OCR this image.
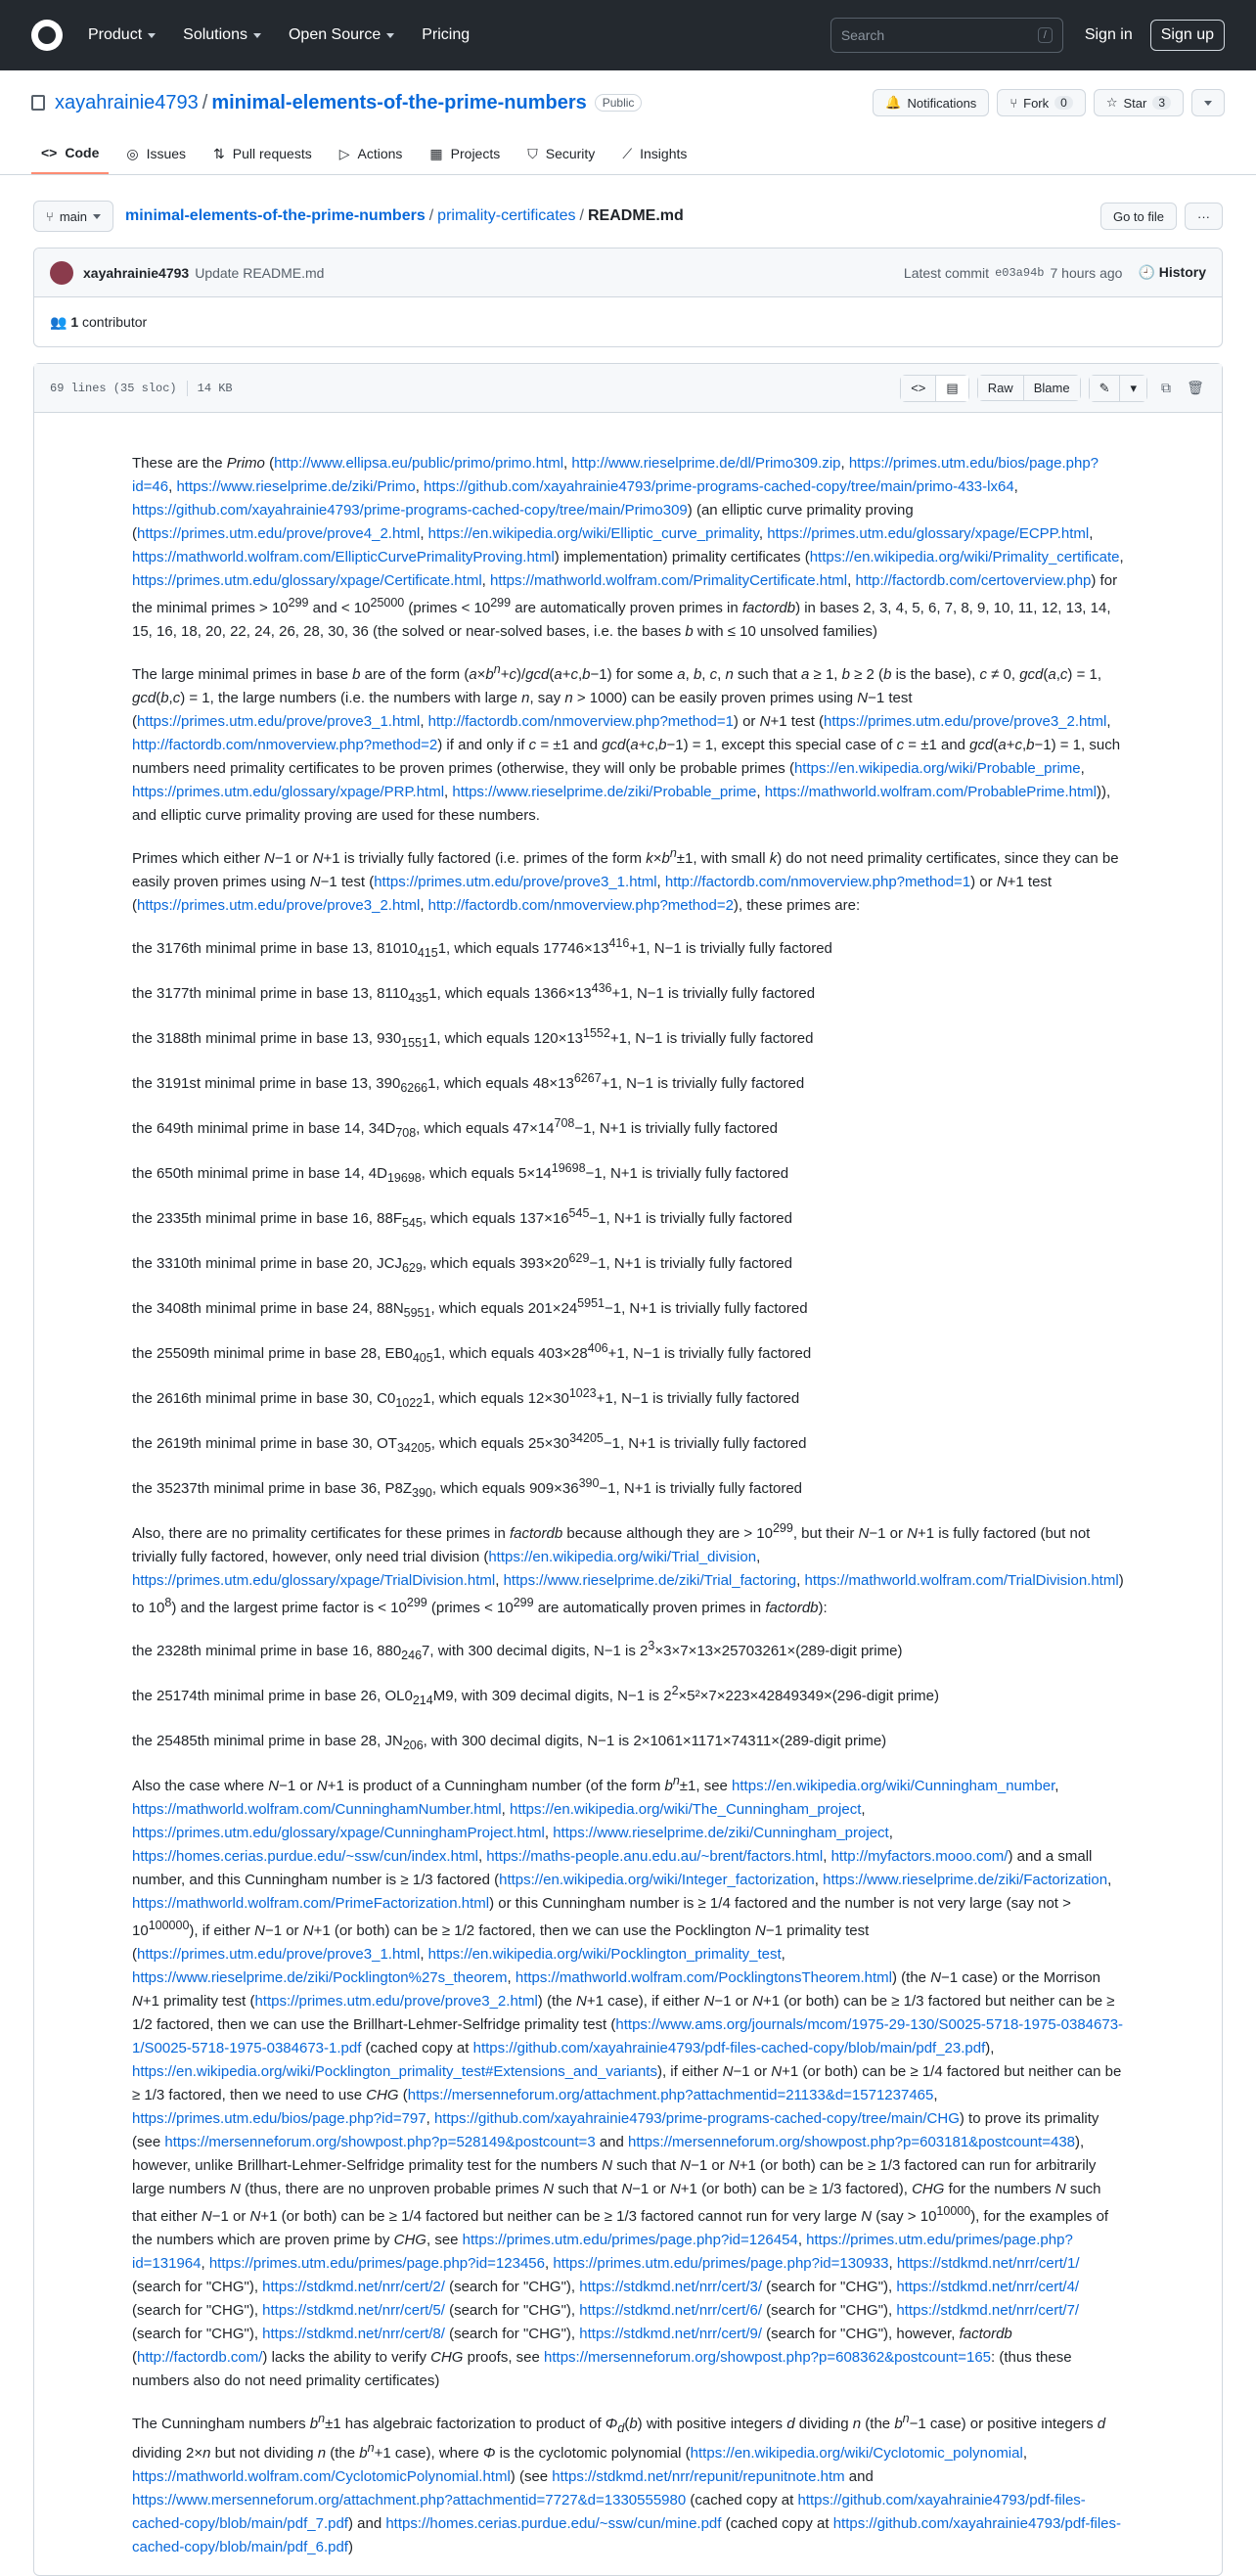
Product	Solutions	Open Source	Pricing	Search	/	Sign in	Sign up
xayahrainie4793 / minimal-elements-of-the-prime-numbers	Public	🔔 Notifications	⑂ Fork	0	☆ Star	3
<> Code ◎ Issues ⇅ Pull requests ▷ Actions ▦ Projects ⛉ Security ⟋ Insights
⑂ main minimal-elements-of-the-prime-numbers / primality-certificates / README.md	Go to file	···
xayahrainie4793 Update README.md	Latest commit e03a94b 7 hours ago 🕘 History
👥
1
contributor
69 lines (35 sloc) 14 KB	<>	▤	Raw	Blame	✎	▾	⧉	🗑

These are the Primo (http://www.ellipsa.eu/public/primo/primo.html, http://www.rieselprime.de/dl/Primo309.zip, https://primes.utm.edu/bios/page.php?id=46, https://www.rieselprime.de/ziki/Primo, https://github.com/xayahrainie4793/prime-programs-cached-copy/tree/main/primo-433-lx64, https://github.com/xayahrainie4793/prime-programs-cached-copy/tree/main/Primo309) (an elliptic curve primality proving (https://primes.utm.edu/prove/prove4_2.html, https://en.wikipedia.org/wiki/Elliptic_curve_primality, https://primes.utm.edu/glossary/xpage/ECPP.html, https://mathworld.wolfram.com/EllipticCurvePrimalityProving.html) implementation) primality certificates (https://en.wikipedia.org/wiki/Primality_certificate, https://primes.utm.edu/glossary/xpage/Certificate.html, https://mathworld.wolfram.com/PrimalityCertificate.html, http://factordb.com/certoverview.php) for the minimal primes > $10^{299}$ and < $10^{25000}$ (primes < $10^{299}$ are automatically proven primes in factordb) in bases 2, 3, 4, 5, 6, 7, 8, 9, 10, 11, 12, 13, 14, 15, 16, 18, 20, 22, 24, 26, 28, 30, 36 (the solved or near-solved bases, i.e. the bases b with ≤ 10 unsolved families)

The large minimal primes in base b are of the form $(a\times b^n+c)/\gcd(a+c,b-1)$ for some a, b, c, n such that a ≥ 1, b ≥ 2 (b is the base), c ≠ 0, gcd(a,c) = 1, gcd(b,c) = 1, the large numbers (i.e. the numbers with large n, say n > 1000) can be easily proven primes using N−1 test (https://primes.utm.edu/prove/prove3_1.html, http://factordb.com/nmoverview.php?method=1) or N+1 test (https://primes.utm.edu/prove/prove3_2.html, http://factordb.com/nmoverview.php?method=2) if and only if c = ±1 and gcd(a+c,b−1) = 1, except this special case of c = ±1 and gcd(a+c,b−1) = 1, such numbers need primality certificates to be proven primes (otherwise, they will only be probable primes (https://en.wikipedia.org/wiki/Probable_prime, https://primes.utm.edu/glossary/xpage/PRP.html, https://www.rieselprime.de/ziki/Probable_prime, https://mathworld.wolfram.com/ProbablePrime.html)), and elliptic curve primality proving are used for these numbers.

Primes which either N−1 or N+1 is trivially fully factored (i.e. primes of the form $k\times b^n\pm 1$, with small k) do not need primality certificates, since they can be easily proven primes using N−1 test (https://primes.utm.edu/prove/prove3_1.html, http://factordb.com/nmoverview.php?method=1) or N+1 test (https://primes.utm.edu/prove/prove3_2.html, http://factordb.com/nmoverview.php?method=2), these primes are:

the 3176th minimal prime in base 13, $81010_{415}1$, which equals $17746\times 13^{416}+1$, N−1 is trivially fully factored

the 3177th minimal prime in base 13, $8110_{435}1$, which equals $1366\times 13^{436}+1$, N−1 is trivially fully factored

the 3188th minimal prime in base 13, $930_{1551}1$, which equals $120\times 13^{1552}+1$, N−1 is trivially fully factored

the 3191st minimal prime in base 13, $390_{6266}1$, which equals $48\times 13^{6267}+1$, N−1 is trivially fully factored

the 649th minimal prime in base 14, $34D_{708}$, which equals $47\times 14^{708}-1$, N+1 is trivially fully factored

the 650th minimal prime in base 14, $4D_{19698}$, which equals $5\times 14^{19698}-1$, N+1 is trivially fully factored

the 2335th minimal prime in base 16, $88F_{545}$, which equals $137\times 16^{545}-1$, N+1 is trivially fully factored

the 3310th minimal prime in base 20, $JCJ_{629}$, which equals $393\times 20^{629}-1$, N+1 is trivially fully factored

the 3408th minimal prime in base 24, $88N_{5951}$, which equals $201\times 24^{5951}-1$, N+1 is trivially fully factored

the 25509th minimal prime in base 28, $EB0_{405}1$, which equals $403\times 28^{406}+1$, N−1 is trivially fully factored

the 2616th minimal prime in base 30, $C0_{1022}1$, which equals $12\times 30^{1023}+1$, N−1 is trivially fully factored

the 2619th minimal prime in base 30, $OT_{34205}$, which equals $25\times 30^{34205}-1$, N+1 is trivially fully factored

the 35237th minimal prime in base 36, $P8Z_{390}$, which equals $909\times 36^{390}-1$, N+1 is trivially fully factored

Also, there are no primality certificates for these primes in factordb because although they are > $10^{299}$, but their N−1 or N+1 is fully factored (but not trivially fully factored, however, only need trial division (https://en.wikipedia.org/wiki/Trial_division, https://primes.utm.edu/glossary/xpage/TrialDivision.html, https://www.rieselprime.de/ziki/Trial_factoring, https://mathworld.wolfram.com/TrialDivision.html) to $10^8$) and the largest prime factor is < $10^{299}$ (primes < $10^{299}$ are automatically proven primes in factordb):

the 2328th minimal prime in base 16, $880_{246}7$, with 300 decimal digits, N−1 is $2^3\times 3\times 7\times 13\times 25703261\times(289$-digit prime)

the 25174th minimal prime in base 26, $OL0_{214}M9$, with 309 decimal digits, N−1 is $2^2\times 5^2\times 7\times 223\times 42849349\times(296$-digit prime)

the 25485th minimal prime in base 28, $JN_{206}$, with 300 decimal digits, N−1 is 2×1061×1171×74311×(289-digit prime)

Also the case where N−1 or N+1 is product of a Cunningham number (of the form $b^n\pm 1$, see https://en.wikipedia.org/wiki/Cunningham_number, https://mathworld.wolfram.com/CunninghamNumber.html, https://en.wikipedia.org/wiki/The_Cunningham_project, https://primes.utm.edu/glossary/xpage/CunninghamProject.html, https://www.rieselprime.de/ziki/Cunningham_project, https://homes.cerias.purdue.edu/~ssw/cun/index.html, https://maths-people.anu.edu.au/~brent/factors.html, http://myfactors.mooo.com/) and a small number, and this Cunningham number is ≥ 1/3 factored (https://en.wikipedia.org/wiki/Integer_factorization, https://www.rieselprime.de/ziki/Factorization, https://mathworld.wolfram.com/PrimeFactorization.html) or this Cunningham number is ≥ 1/4 factored and the number is not very large (say not > $10^{100000}$), if either N−1 or N+1 (or both) can be ≥ 1/2 factored, then we can use the Pocklington N−1 primality test (https://primes.utm.edu/prove/prove3_1.html, https://en.wikipedia.org/wiki/Pocklington_primality_test, https://www.rieselprime.de/ziki/Pocklington%27s_theorem, https://mathworld.wolfram.com/PocklingtonsTheorem.html) (the N−1 case) or the Morrison N+1 primality test (https://primes.utm.edu/prove/prove3_2.html) (the N+1 case), if either N−1 or N+1 (or both) can be ≥ 1/3 factored but neither can be ≥ 1/2 factored, then we can use the Brillhart-Lehmer-Selfridge primality test (https://www.ams.org/journals/mcom/1975-29-130/S0025-5718-1975-0384673-1/S0025-5718-1975-0384673-1.pdf (cached copy at https://github.com/xayahrainie4793/pdf-files-cached-copy/blob/main/pdf_23.pdf), https://en.wikipedia.org/wiki/Pocklington_primality_test#Extensions_and_variants), if either N−1 or N+1 (or both) can be ≥ 1/4 factored but neither can be ≥ 1/3 factored, then we need to use CHG (https://mersenneforum.org/attachment.php?attachmentid=21133&d=1571237465, https://primes.utm.edu/bios/page.php?id=797, https://github.com/xayahrainie4793/prime-programs-cached-copy/tree/main/CHG) to prove its primality (see https://mersenneforum.org/showpost.php?p=528149&postcount=3 and https://mersenneforum.org/showpost.php?p=603181&postcount=438), however, unlike Brillhart-Lehmer-Selfridge primality test for the numbers N such that N−1 or N+1 (or both) can be ≥ 1/3 factored can run for arbitrarily large numbers N (thus, there are no unproven probable primes N such that N−1 or N+1 (or both) can be ≥ 1/3 factored), CHG for the numbers N such that either N−1 or N+1 (or both) can be ≥ 1/4 factored but neither can be ≥ 1/3 factored cannot run for very large N $(say > 10^{10000})$, for the examples of the numbers which are proven prime by CHG, see https://primes.utm.edu/primes/page.php?id=126454, https://primes.utm.edu/primes/page.php?id=131964, https://primes.utm.edu/primes/page.php?id=123456, https://primes.utm.edu/primes/page.php?id=130933, https://stdkmd.net/nrr/cert/1/ (search for "CHG"), https://stdkmd.net/nrr/cert/2/ (search for "CHG"), https://stdkmd.net/nrr/cert/3/ (search for "CHG"), https://stdkmd.net/nrr/cert/4/ (search for "CHG"), https://stdkmd.net/nrr/cert/5/ (search for "CHG"), https://stdkmd.net/nrr/cert/6/ (search for "CHG"), https://stdkmd.net/nrr/cert/7/ (search for "CHG"), https://stdkmd.net/nrr/cert/8/ (search for "CHG"), https://stdkmd.net/nrr/cert/9/ (search for "CHG"), however, factordb (http://factordb.com/) lacks the ability to verify CHG proofs, see https://mersenneforum.org/showpost.php?p=608362&postcount=165: (thus these numbers also do not need primality certificates)

The Cunningham numbers $b^n\pm 1$ has algebraic factorization to product of $\Phi_d(b)$ with positive integers d dividing n (the $b^n-1$ case) or positive integers d dividing 2×n but not dividing n (the $b^n+1$ case), where Φ is the cyclotomic polynomial (https://en.wikipedia.org/wiki/Cyclotomic_polynomial, https://mathworld.wolfram.com/CyclotomicPolynomial.html) (see https://stdkmd.net/nrr/repunit/repunitnote.htm and https://www.mersenneforum.org/attachment.php?attachmentid=7727&d=1330555980 (cached copy at https://github.com/xayahrainie4793/pdf-files-cached-copy/blob/main/pdf_7.pdf) and https://homes.cerias.purdue.edu/~ssw/cun/mine.pdf (cached copy at https://github.com/xayahrainie4793/pdf-files-cached-copy/blob/main/pdf_6.pdf)
